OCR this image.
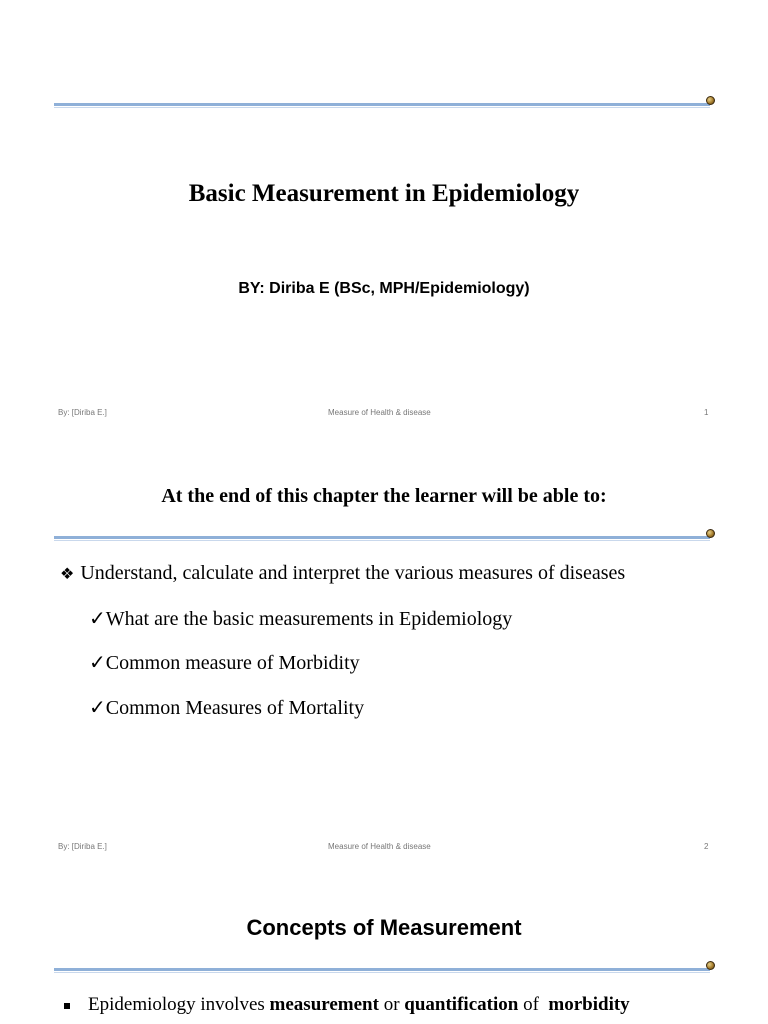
Basic Measurement in Epidemiology
BY: Diriba E (BSc, MPH/Epidemiology)
By: [Diriba E.]	Measure of Health & disease	1
At the end of this chapter the learner will be able to:
❖ Understand, calculate and interpret the various measures of diseases
✓What are the basic measurements in Epidemiology
✓Common measure of Morbidity
✓Common Measures of Mortality
By: [Diriba E.]	Measure of Health & disease	2
Concepts of Measurement
Epidemiology involves measurement or quantification of  morbidity
